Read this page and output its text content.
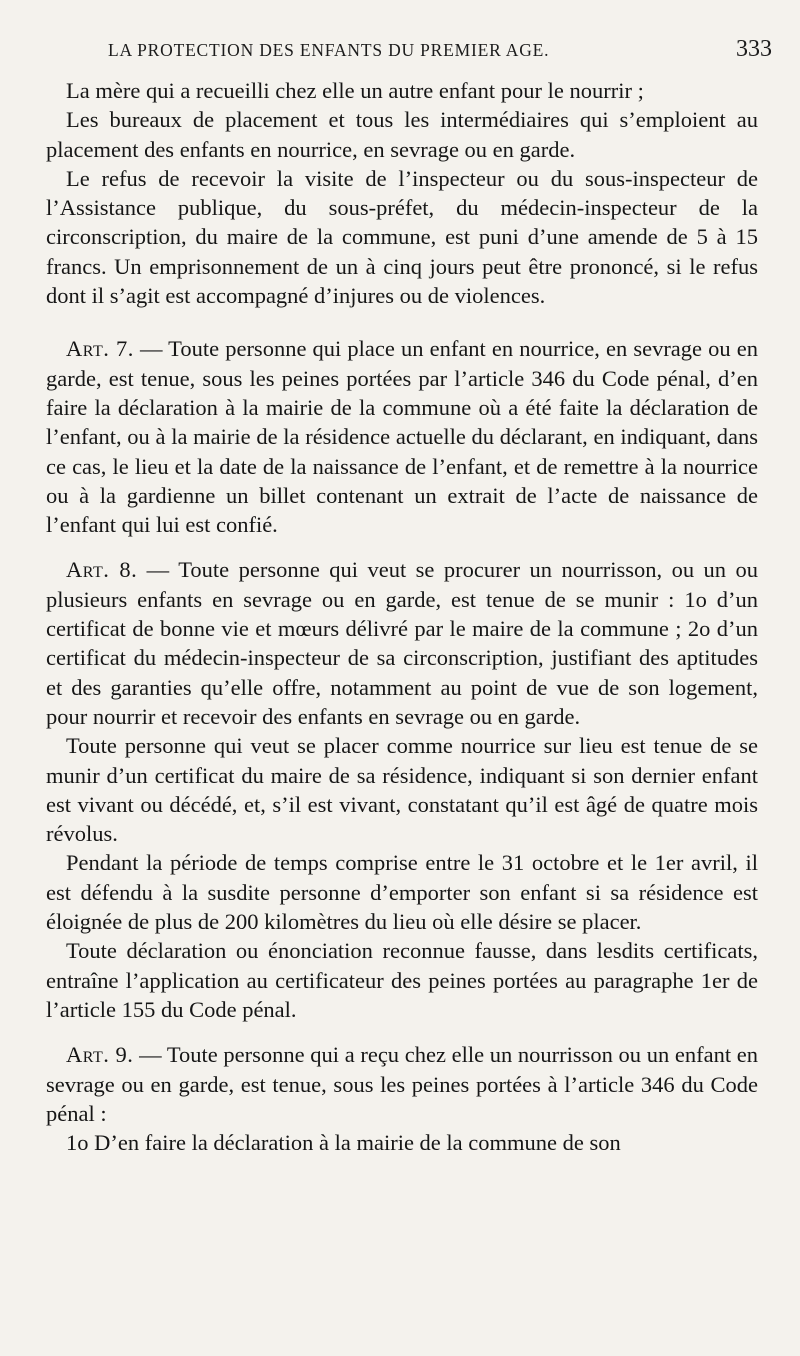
LA PROTECTION DES ENFANTS DU PREMIER AGE.	333

La mère qui a recueilli chez elle un autre enfant pour le nourrir ;

Les bureaux de placement et tous les intermédiaires qui s’emploient au placement des enfants en nourrice, en sevrage ou en garde.

Le refus de recevoir la visite de l’inspecteur ou du sous-inspecteur de l’Assistance publique, du sous-préfet, du médecin-inspecteur de la circonscription, du maire de la commune, est puni d’une amende de 5 à 15 francs. Un emprisonnement de un à cinq jours peut être prononcé, si le refus dont il s’agit est accompagné d’injures ou de violences.

Art. 7. — Toute personne qui place un enfant en nourrice, en sevrage ou en garde, est tenue, sous les peines portées par l’article 346 du Code pénal, d’en faire la déclaration à la mairie de la commune où a été faite la déclaration de l’enfant, ou à la mairie de la résidence actuelle du déclarant, en indiquant, dans ce cas, le lieu et la date de la naissance de l’enfant, et de remettre à la nourrice ou à la gardienne un billet contenant un extrait de l’acte de naissance de l’enfant qui lui est confié.

Art. 8. — Toute personne qui veut se procurer un nourrisson, ou un ou plusieurs enfants en sevrage ou en garde, est tenue de se munir : 1o d’un certificat de bonne vie et mœurs délivré par le maire de la commune ; 2o d’un certificat du médecin-inspecteur de sa circonscription, justifiant des aptitudes et des garanties qu’elle offre, notamment au point de vue de son logement, pour nourrir et recevoir des enfants en sevrage ou en garde.

Toute personne qui veut se placer comme nourrice sur lieu est tenue de se munir d’un certificat du maire de sa résidence, indiquant si son dernier enfant est vivant ou décédé, et, s’il est vivant, constatant qu’il est âgé de quatre mois révolus.

Pendant la période de temps comprise entre le 31 octobre et le 1er avril, il est défendu à la susdite personne d’emporter son enfant si sa résidence est éloignée de plus de 200 kilomètres du lieu où elle désire se placer.

Toute déclaration ou énonciation reconnue fausse, dans lesdits certificats, entraîne l’application au certificateur des peines portées au paragraphe 1er de l’article 155 du Code pénal.

Art. 9. — Toute personne qui a reçu chez elle un nourrisson ou un enfant en sevrage ou en garde, est tenue, sous les peines portées à l’article 346 du Code pénal :

1o D’en faire la déclaration à la mairie de la commune de son
